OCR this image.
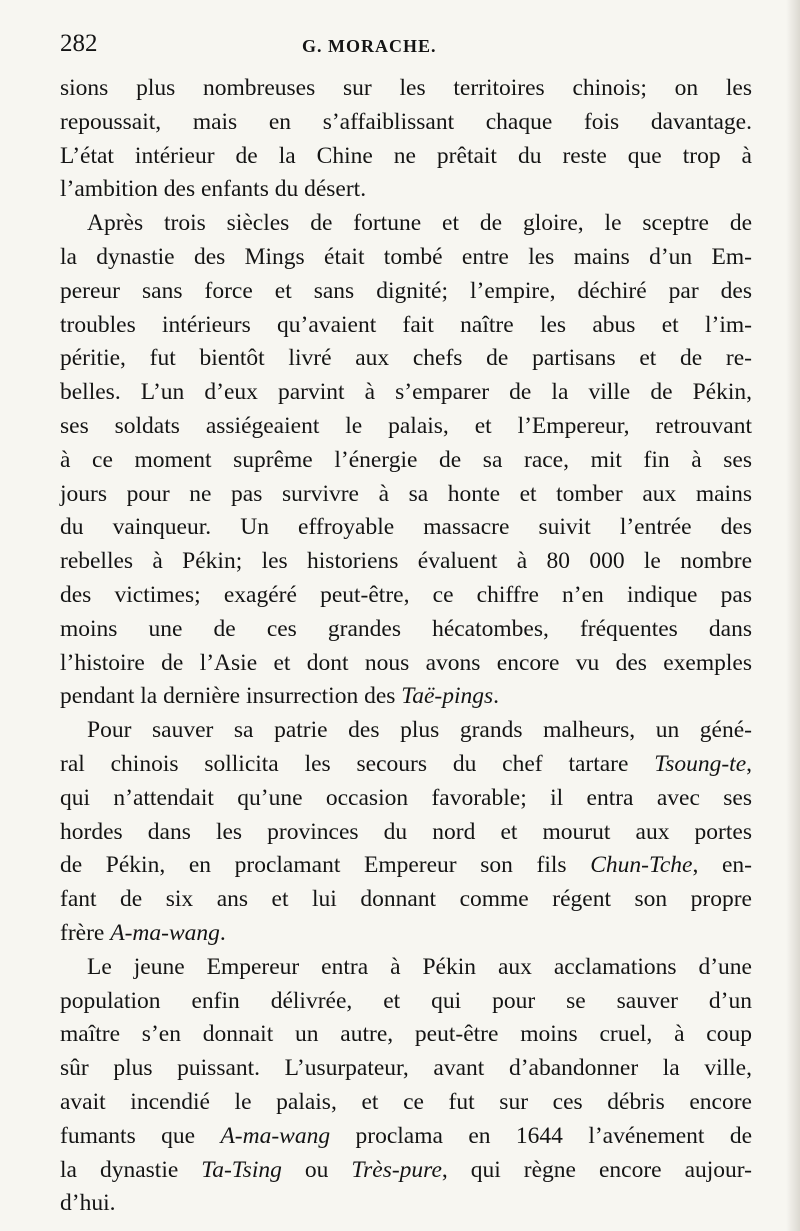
282	G. MORACHE.
sions plus nombreuses sur les territoires chinois; on les
repoussait, mais en s’affaiblissant chaque fois davantage.
L’état intérieur de la Chine ne prêtait du reste que trop à
l’ambition des enfants du désert.
Après trois siècles de fortune et de gloire, le sceptre de
la dynastie des Mings était tombé entre les mains d’un Em-
pereur sans force et sans dignité; l’empire, déchiré par des
troubles intérieurs qu’avaient fait naître les abus et l’im-
péritie, fut bientôt livré aux chefs de partisans et de re-
belles. L’un d’eux parvint à s’emparer de la ville de Pékin,
ses soldats assiégeaient le palais, et l’Empereur, retrouvant
à ce moment suprême l’énergie de sa race, mit fin à ses
jours pour ne pas survivre à sa honte et tomber aux mains
du vainqueur. Un effroyable massacre suivit l’entrée des
rebelles à Pékin; les historiens évaluent à 80 000 le nombre
des victimes; exagéré peut-être, ce chiffre n’en indique pas
moins une de ces grandes hécatombes, fréquentes dans
l’histoire de l’Asie et dont nous avons encore vu des exemples
pendant la dernière insurrection des Taë-pings.
Pour sauver sa patrie des plus grands malheurs, un géné-
ral chinois sollicita les secours du chef tartare Tsoung-te,
qui n’attendait qu’une occasion favorable; il entra avec ses
hordes dans les provinces du nord et mourut aux portes
de Pékin, en proclamant Empereur son fils Chun-Tche, en-
fant de six ans et lui donnant comme régent son propre
frère A-ma-wang.
Le jeune Empereur entra à Pékin aux acclamations d’une
population enfin délivrée, et qui pour se sauver d’un
maître s’en donnait un autre, peut-être moins cruel, à coup
sûr plus puissant. L’usurpateur, avant d’abandonner la ville,
avait incendié le palais, et ce fut sur ces débris encore
fumants que A-ma-wang proclama en 1644 l’avénement de
la dynastie Ta-Tsing ou Très-pure, qui règne encore aujour-
d’hui.
